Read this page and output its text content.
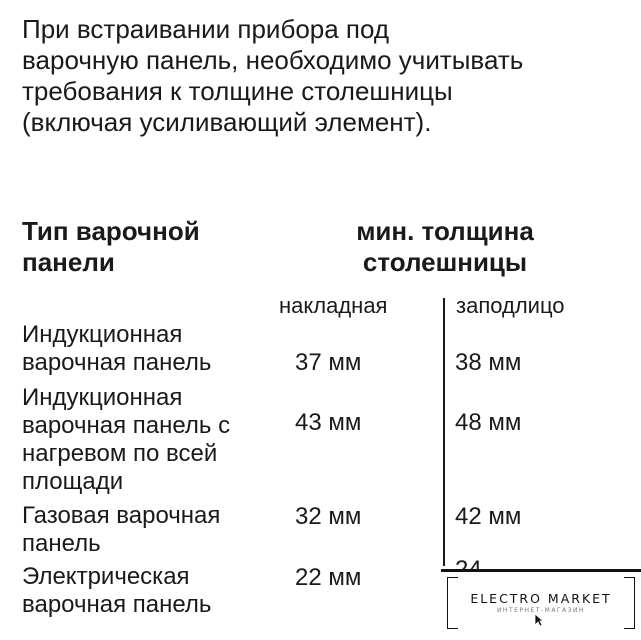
При встраивании прибора под
варочную панель, необходимо учитывать
требования к толщине столешницы
(включая усиливающий элемент).
Тип варочной
панели
мин. толщина
столешницы
накладная	заподлицо
Индукционная
варочная панель	37 мм	38 мм
Индукционная
варочная панель с
нагревом по всей
площади
43 мм	48 мм
Газовая варочная
панель
32 мм	42 мм
Электрическая
варочная панель
22 мм
ELECTRO MARKET
ИНТЕРНЕТ-МАГАЗИН
